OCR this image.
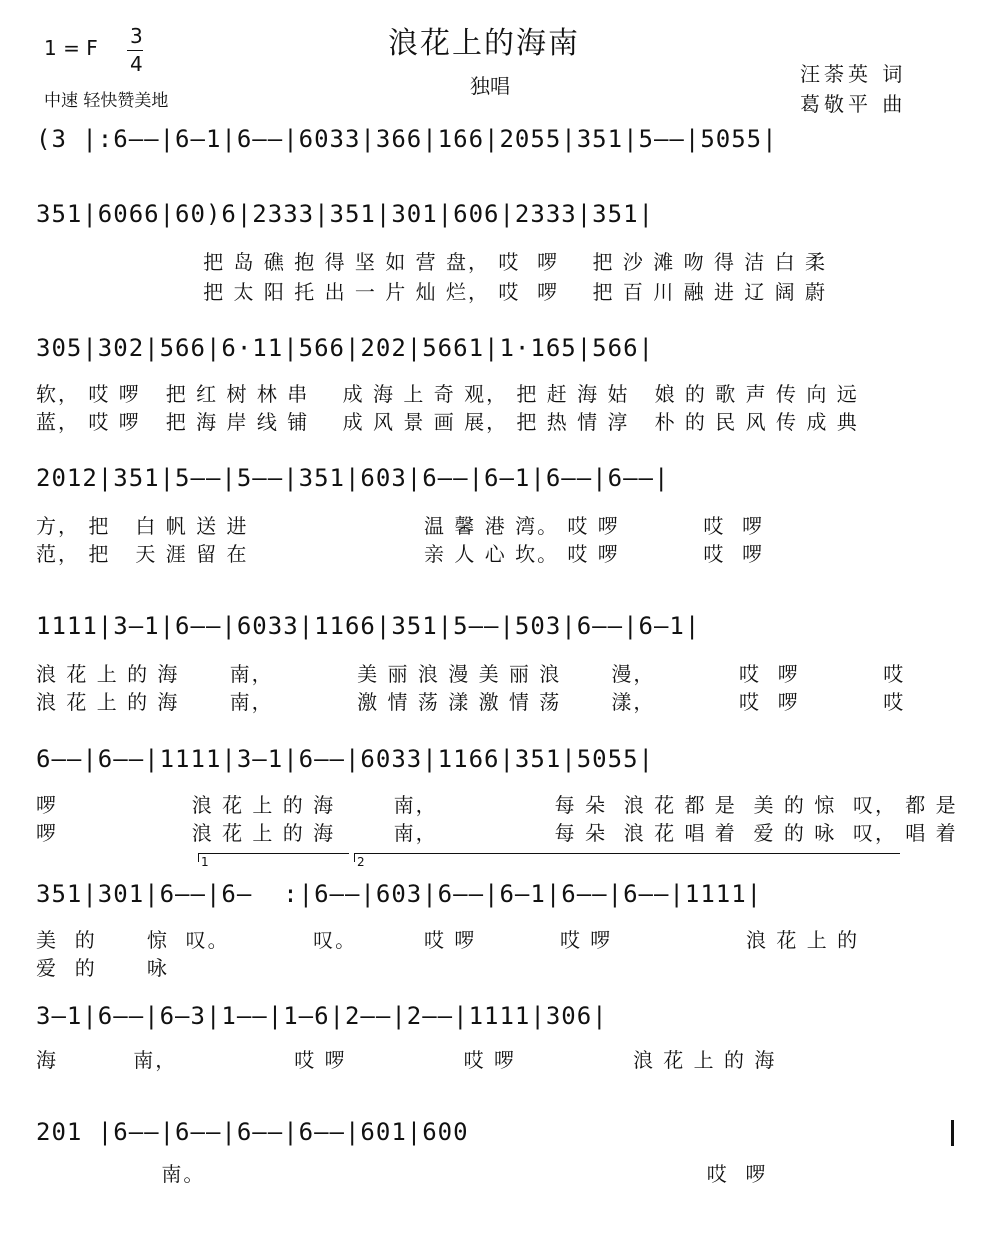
1 = F 3
4
浪花上的海南
独唱
中速 轻快赞美地
汪荼英 词
葛敬平 曲
(3 |:6——|6—1|6——|6033|366|166|2055|351|5——|5055|
351|6066|60)6|2333|351|301|606|2333|351|
把 岛 礁 抱 得 坚 如 营 盘， 哎  啰    把 沙 滩 吻 得 洁 白 柔
把 太 阳 托 出 一 片 灿 烂， 哎  啰    把 百 川 融 进 辽 阔 蔚
305|302|566|6·11|566|202|5661|1·165|566|
软， 哎 啰   把 红 树 林 串    成 海 上 奇 观， 把 赶 海 姑   娘 的 歌 声 传 向 远
蓝， 哎 啰   把 海 岸 线 铺    成 风 景 画 展， 把 热 情 淳   朴 的 民 风 传 成 典
2012|351|5——|5——|351|603|6——|6—1|6——|6——|
方， 把   白 帆 送 进                     温 馨 港 湾。 哎 啰          哎  啰
范， 把   天 涯 留 在                     亲 人 心 坎。 哎 啰          哎  啰
1111|3—1|6——|6033|1166|351|5——|503|6——|6—1|
浪 花 上 的 海      南，          美 丽 浪 漫 美 丽 浪      漫，          哎  啰          哎
浪 花 上 的 海      南，          激 情 荡 漾 激 情 荡      漾，          哎  啰          哎
6——|6——|1111|3—1|6——|6033|1166|351|5055|
啰                浪 花 上 的 海       南，              每 朵  浪 花 都 是  美 的 惊  叹， 都 是
啰                浪 花 上 的 海       南，              每 朵  浪 花 唱 着  爱 的 咏  叹， 唱 着
1	2
351|301|6——|6—  :|6——|603|6——|6—1|6——|6——|1111|
美  的      惊  叹。          叹。        哎 啰          哎 啰                浪 花 上 的
爱  的      咏
3—1|6——|6—3|1——|1—6|2——|2——|1111|306|
海         南，              哎 啰              哎 啰              浪 花 上 的 海
201 |6——|6——|6——|6——|601|600
南。                                                            哎  啰
